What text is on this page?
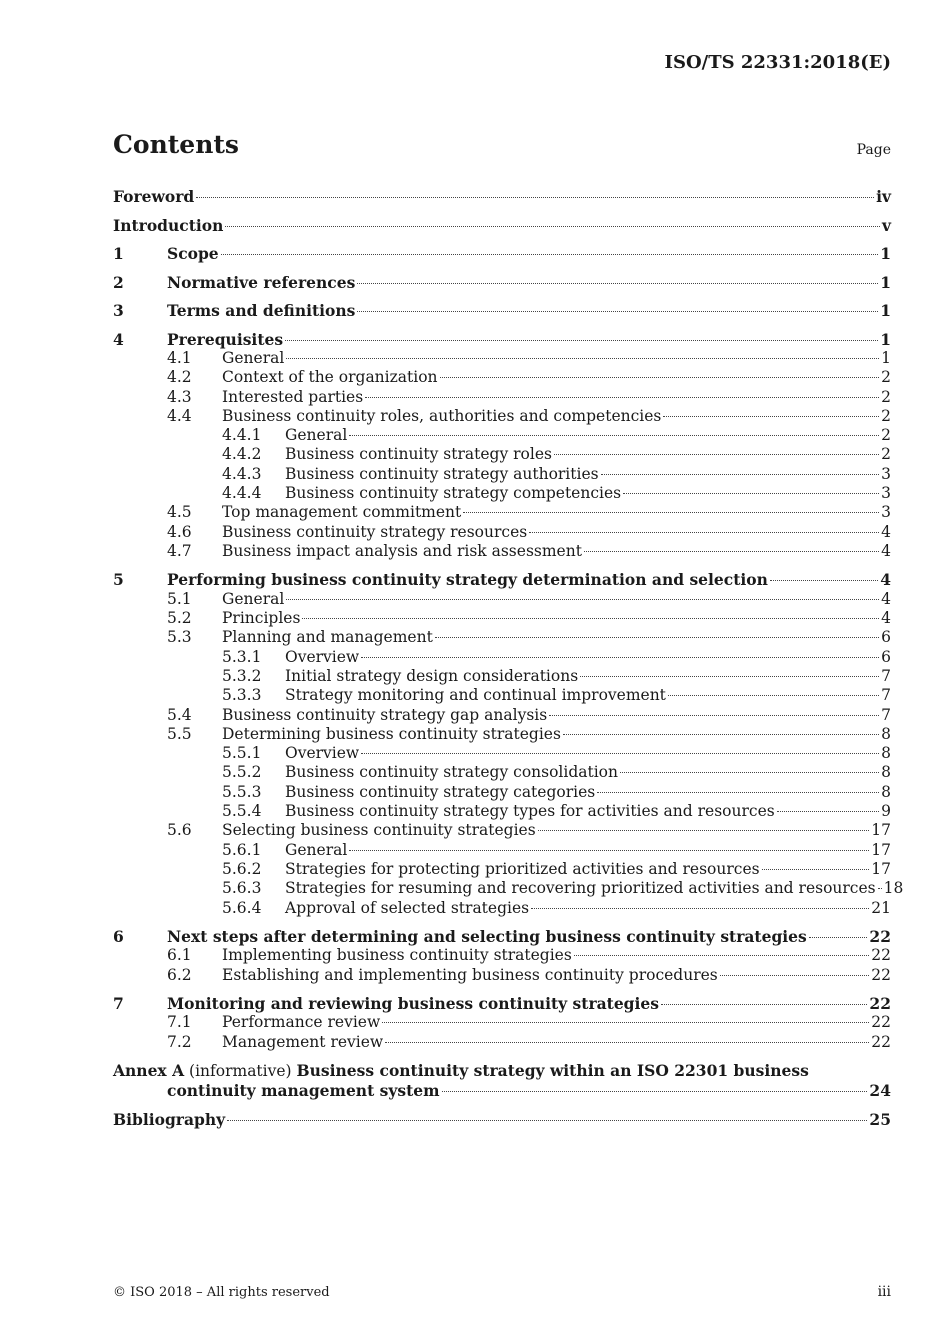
ISO/TS 22331:2018(E)
Contents	Page
Foreword	iv
Introduction	v
1	Scope	1
2	Normative references	1
3	Terms and definitions	1
4	Prerequisites	1
4.1 General	1
4.2 Context of the organization	2
4.3 Interested parties	2
4.4 Business continuity roles, authorities and competencies	2
4.4.1 General	2
4.4.2 Business continuity strategy roles	2
4.4.3 Business continuity strategy authorities	3
4.4.4 Business continuity strategy competencies	3
4.5 Top management commitment	3
4.6 Business continuity strategy resources	4
4.7 Business impact analysis and risk assessment	4
5	Performing business continuity strategy determination and selection	4
5.1 General	4
5.2 Principles	4
5.3 Planning and management	6
5.3.1 Overview	6
5.3.2 Initial strategy design considerations	7
5.3.3 Strategy monitoring and continual improvement	7
5.4 Business continuity strategy gap analysis	7
5.5 Determining business continuity strategies	8
5.5.1 Overview	8
5.5.2 Business continuity strategy consolidation	8
5.5.3 Business continuity strategy categories	8
5.5.4 Business continuity strategy types for activities and resources	9
5.6 Selecting business continuity strategies	17
5.6.1 General	17
5.6.2 Strategies for protecting prioritized activities and resources	17
5.6.3 Strategies for resuming and recovering prioritized activities and resources 18
5.6.4 Approval of selected strategies	21
6	Next steps after determining and selecting business continuity strategies	22
6.1 Implementing business continuity strategies	22
6.2 Establishing and implementing business continuity procedures	22
7	Monitoring and reviewing business continuity strategies	22
7.1 Performance review	22
7.2 Management review	22
Annex A (informative) Business continuity strategy within an ISO 22301 business
continuity management system	24
Bibliography	25
© ISO 2018 – All rights reserved	iii
